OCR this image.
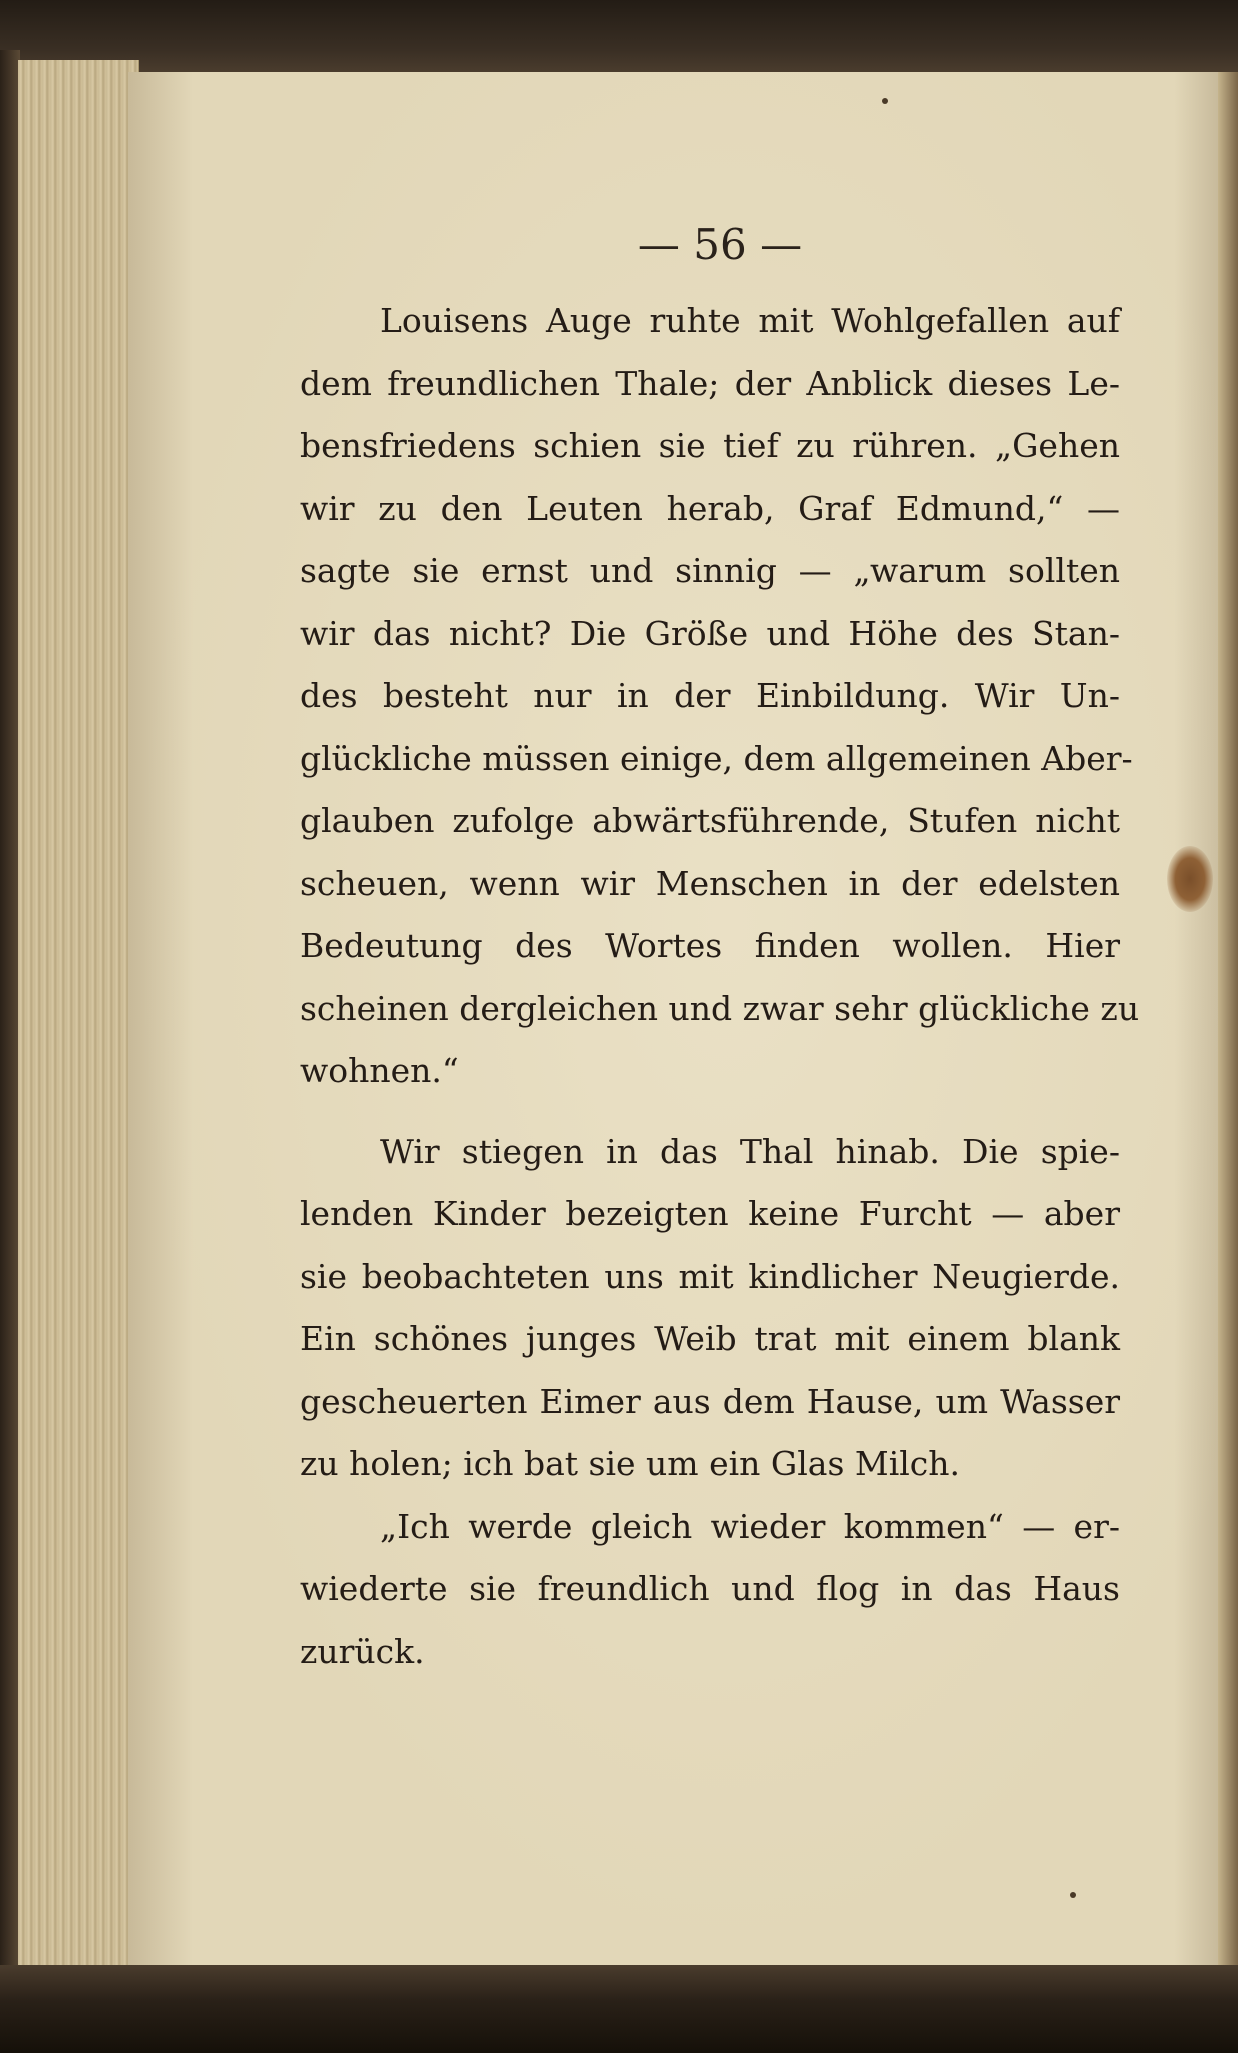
— 56 —
Louisens Auge ruhte mit Wohlgefallen auf
dem freundlichen Thale; der Anblick dieses Le-
bensfriedens schien sie tief zu rühren. „Gehen
wir zu den Leuten herab, Graf Edmund,“ —
sagte sie ernst und sinnig — „warum sollten
wir das nicht? Die Größe und Höhe des Stan-
des besteht nur in der Einbildung. Wir Un-
glückliche müssen einige, dem allgemeinen Aber-
glauben zufolge abwärtsführende, Stufen nicht
scheuen, wenn wir Menschen in der edelsten
Bedeutung des Wortes finden wollen. Hier
scheinen dergleichen und zwar sehr glückliche zu
wohnen.“
Wir stiegen in das Thal hinab. Die spie-
lenden Kinder bezeigten keine Furcht — aber
sie beobachteten uns mit kindlicher Neugierde.
Ein schönes junges Weib trat mit einem blank
gescheuerten Eimer aus dem Hause, um Wasser
zu holen; ich bat sie um ein Glas Milch.
„Ich werde gleich wieder kommen“ — er-
wiederte sie freundlich und flog in das Haus
zurück.
